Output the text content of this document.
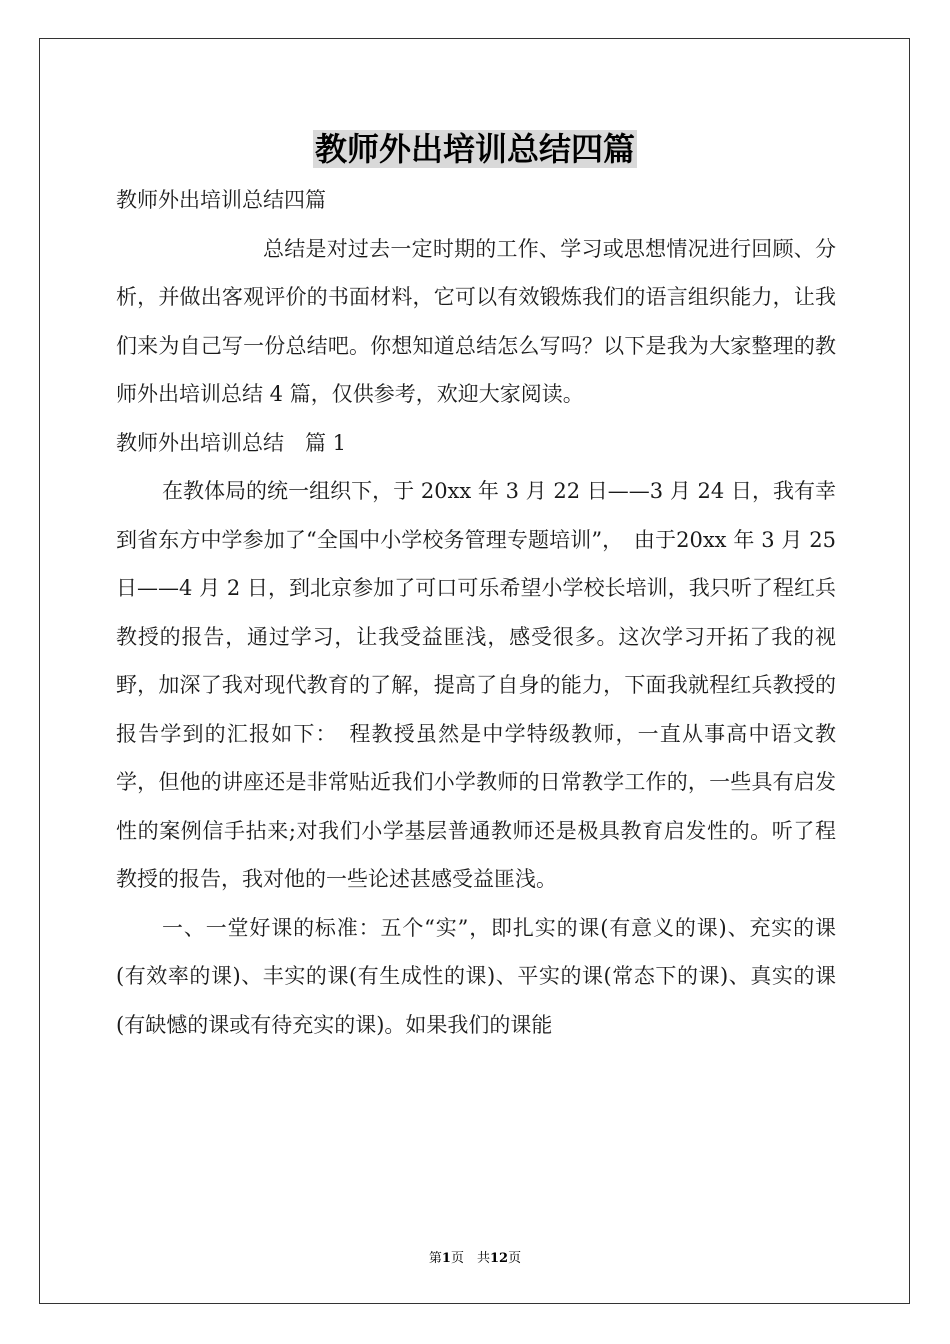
教师外出培训总结四篇

教师外出培训总结四篇

总结是对过去一定时期的工作、学习或思想情况进行回顾、分析，并做出客观评价的书面材料，它可以有效锻炼我们的语言组织能力，让我们来为自己写一份总结吧。你想知道总结怎么写吗？以下是我为大家整理的教师外出培训总结 4 篇，仅供参考，欢迎大家阅读。

教师外出培训总结　篇 1

在教体局的统一组织下，于 20xx 年 3 月 22 日——3 月 24 日，我有幸到省东方中学参加了“全国中小学校务管理专题培训”，　由于20xx 年 3 月 25 日——4 月 2 日，到北京参加了可口可乐希望小学校长培训，我只听了程红兵教授的报告，通过学习，让我受益匪浅，感受很多。这次学习开拓了我的视野，加深了我对现代教育的了解，提高了自身的能力，下面我就程红兵教授的报告学到的汇报如下：　程教授虽然是中学特级教师，一直从事高中语文教学，但他的讲座还是非常贴近我们小学教师的日常教学工作的，一些具有启发性的案例信手拈来;对我们小学基层普通教师还是极具教育启发性的。听了程教授的报告，我对他的一些论述甚感受益匪浅。

一、一堂好课的标准：五个“实”，即扎实的课(有意义的课)、充实的课(有效率的课)、丰实的课(有生成性的课)、平实的课(常态下的课)、真实的课(有缺憾的课或有待充实的课)。如果我们的课能

第1页　共12页
